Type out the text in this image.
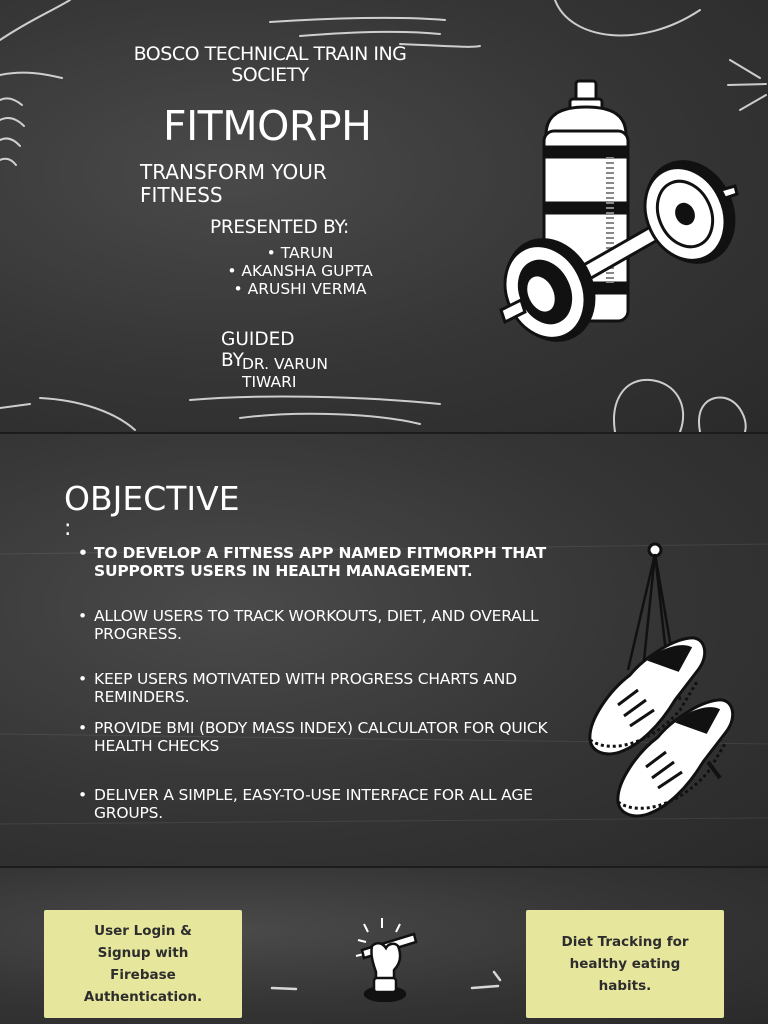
BOSCO TECHNICAL TRAIN ING SOCIETY
FITMORPH
TRANSFORM YOUR FITNESS
PRESENTED BY:
• TARUN
• AKANSHA GUPTA
• ARUSHI VERMA
GUIDED BY
DR. VARUN TIWARI
OBJECTIVE
:
• TO DEVELOP A FITNESS APP NAMED FITMORPH THAT SUPPORTS USERS IN HEALTH MANAGEMENT.
• ALLOW USERS TO TRACK WORKOUTS, DIET, AND OVERALL PROGRESS.
• KEEP USERS MOTIVATED WITH PROGRESS CHARTS AND REMINDERS.
• PROVIDE BMI (BODY MASS INDEX) CALCULATOR FOR QUICK HEALTH CHECKS
• DELIVER A SIMPLE, EASY-TO-USE INTERFACE FOR ALL AGE GROUPS.
User Login & Signup with Firebase Authentication.
Diet Tracking for healthy eating habits.
